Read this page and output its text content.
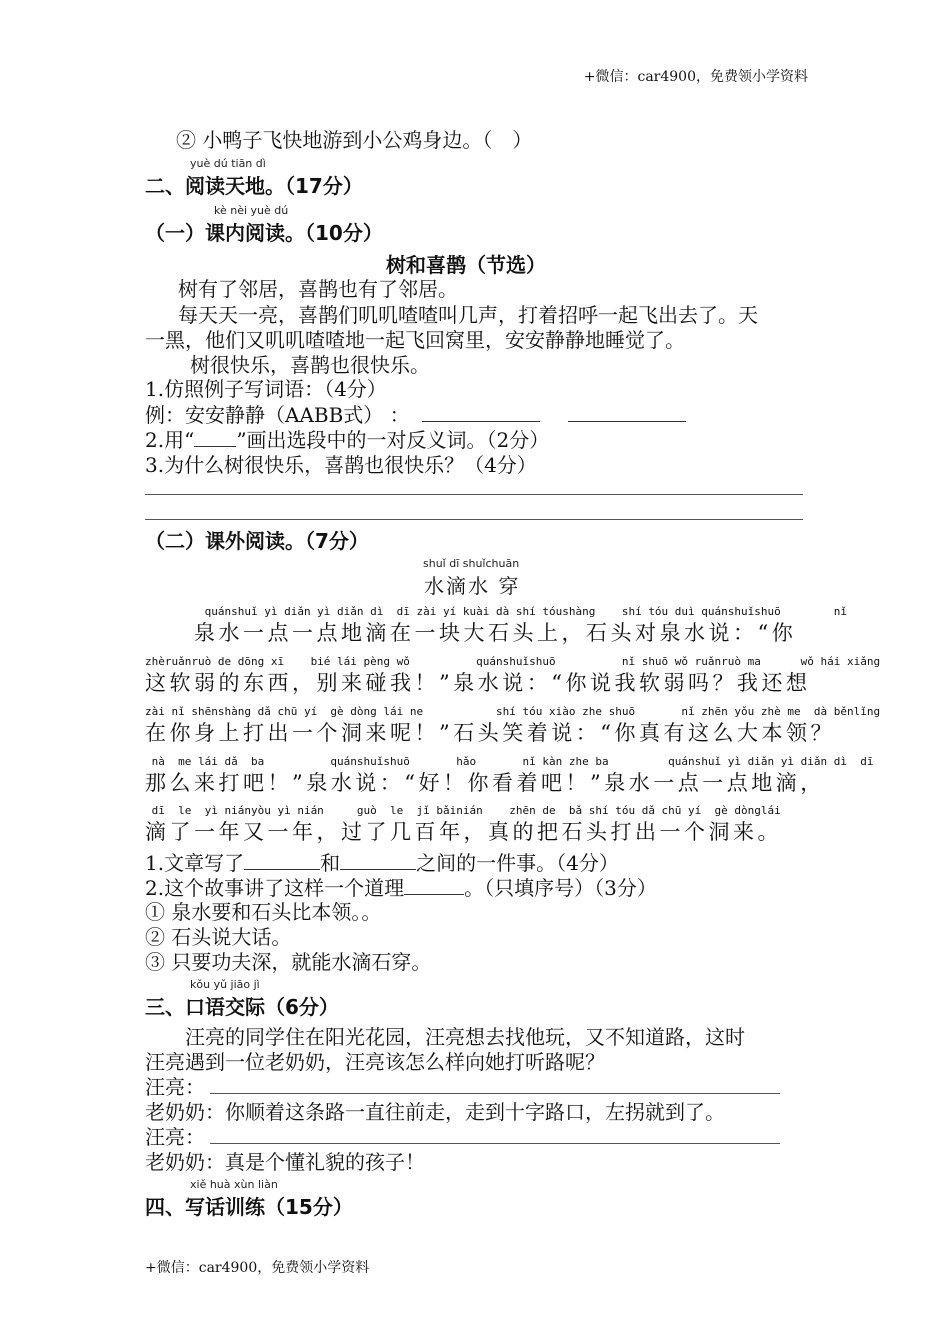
+微信：car4900，免费领小学资料
+微信：car4900，免费领小学资料
② 小鸭子飞快地游到小公鸡身边。（　）
yuè dú tiān dì
二、阅读天地。（17分）
kè nèi yuè dú
（一）课内阅读。（10分）
树和喜鹊（节选）
树有了邻居，喜鹊也有了邻居。
每天天一亮，喜鹊们叽叽喳喳叫几声，打着招呼一起飞出去了。天
一黑，他们又叽叽喳喳地一起飞回窝里，安安静静地睡觉了。
树很快乐，喜鹊也很快乐。
1.仿照例子写词语：（4分）
例：安安静静（AABB式） ：
2.用“ ”画出选段中的一对反义词。（2分）
3.为什么树很快乐，喜鹊也很快乐？（4分）
（二）课外阅读。（7分）
shuǐ dī shuǐchuān
水滴水 穿
quánshuǐ yì diǎn yì diǎn dì  dī zài yí kuài dà shí tóushàng    shí tóu duì quánshuǐshuō        nǐ
　　泉水一点一点地滴在一块大石头上，石头对泉水说：“你
zhèruǎnruò de dōng xī    bié lái pèng wǒ          quánshuǐshuō          nǐ shuō wǒ ruǎnruò ma      wǒ hái xiǎng
这软弱的东西，别来碰我！”泉水说：“你说我软弱吗？我还想
zài nǐ shēnshàng dǎ chū yí  gè dòng lái ne           shí tóu xiào zhe shuō       nǐ zhēn yǒu zhè me  dà běnlǐng
在你身上打出一个洞来呢！”石头笑着说：“你真有这么大本领？
nà  me lái dǎ  ba          quánshuǐshuō       hǎo       nǐ kàn zhe ba         quánshuǐ yì diǎn yì diǎn dì  dī
那么来打吧！”泉水说：“好！你看着吧！”泉水一点一点地滴，
dī  le  yì niányòu yì nián     guò  le  jǐ bǎinián    zhēn de  bǎ shí tóu dǎ chū yí  gè dònglái
滴了一年又一年，过了几百年，真的把石头打出一个洞来。
1.文章写了	和	之间的一件事。（4分）
2.这个故事讲了这样一个道理	。（只填序号）（3分）
① 泉水要和石头比本领。。
② 石头说大话。
③ 只要功夫深，就能水滴石穿。
kǒu yǔ jiāo jì
三、口语交际（6分）
　　汪亮的同学住在阳光花园，汪亮想去找他玩，又不知道路，这时
汪亮遇到一位老奶奶，汪亮该怎么样向她打听路呢？
汪亮：
老奶奶：你顺着这条路一直往前走，走到十字路口，左拐就到了。
汪亮：
老奶奶：真是个懂礼貌的孩子！
xiě huà xùn liàn
四、写话训练（15分）
